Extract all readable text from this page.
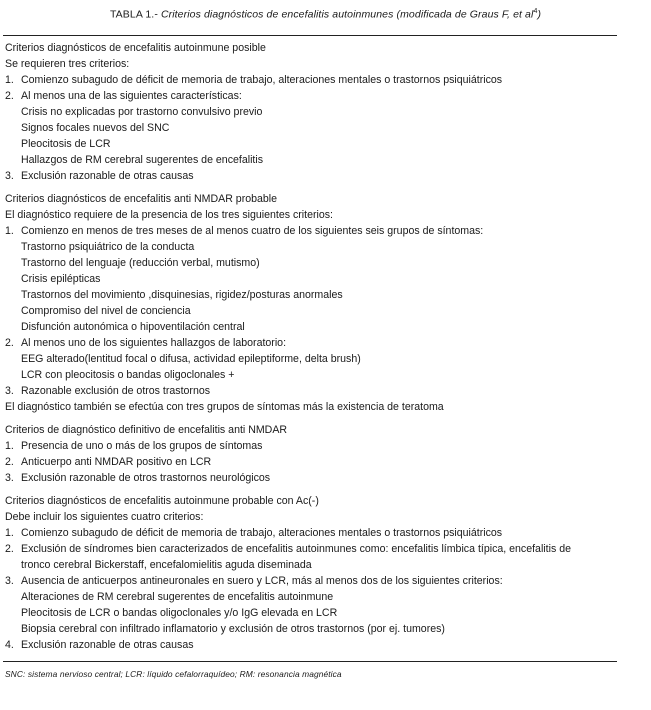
TABLA 1.- Criterios diagnósticos de encefalitis autoinmunes (modificada de Graus F, et $al^4$)
Criterios diagnósticos de encefalitis autoinmune posible
Se requieren tres criterios:
1. Comienzo subagudo de déficit de memoria de trabajo, alteraciones mentales o trastornos psiquiátricos
2. Al menos una de las siguientes características:
Crisis no explicadas por trastorno convulsivo previo
Signos focales nuevos del SNC
Pleocitosis de LCR
Hallazgos de RM cerebral sugerentes de encefalitis
3. Exclusión razonable de otras causas
Criterios diagnósticos de encefalitis anti NMDAR probable
El diagnóstico requiere de la presencia de los tres siguientes criterios:
1. Comienzo en menos de tres meses de al menos cuatro de los siguientes seis grupos de síntomas:
Trastorno psiquiátrico de la conducta
Trastorno del lenguaje (reducción verbal, mutismo)
Crisis epilépticas
Trastornos del movimiento ,disquinesias, rigidez/posturas anormales
Compromiso del nivel de conciencia
Disfunción autonómica o hipoventilación central
2. Al menos uno de los siguientes hallazgos de laboratorio:
EEG alterado(lentitud focal o difusa, actividad epileptiforme, delta brush)
LCR con pleocitosis o bandas oligoclonales +
3. Razonable exclusión de otros trastornos
El diagnóstico también se efectúa con tres grupos de síntomas más la existencia de teratoma
Criterios de diagnóstico definitivo de encefalitis anti NMDAR
1. Presencia de uno o más de los grupos de síntomas
2. Anticuerpo anti NMDAR positivo en LCR
3. Exclusión razonable de otros trastornos neurológicos
Criterios diagnósticos de encefalitis autoinmune probable con Ac(-)
Debe incluir los siguientes cuatro criterios:
1. Comienzo subagudo de déficit de memoria de trabajo, alteraciones mentales o trastornos psiquiátricos
2. Exclusión de síndromes bien caracterizados de encefalitis autoinmunes como: encefalitis límbica típica, encefalitis de
tronco cerebral Bickerstaff, encefalomielitis aguda diseminada
3. Ausencia de anticuerpos antineuronales en suero y LCR, más al menos dos de los siguientes criterios:
Alteraciones de RM cerebral sugerentes de encefalitis autoinmune
Pleocitosis de LCR o bandas oligoclonales y/o IgG elevada en LCR
Biopsia cerebral con infiltrado inflamatorio y exclusión de otros trastornos (por ej. tumores)
4. Exclusión razonable de otras causas
SNC: sistema nervioso central; LCR: líquido cefalorraquídeo; RM: resonancia magnética
